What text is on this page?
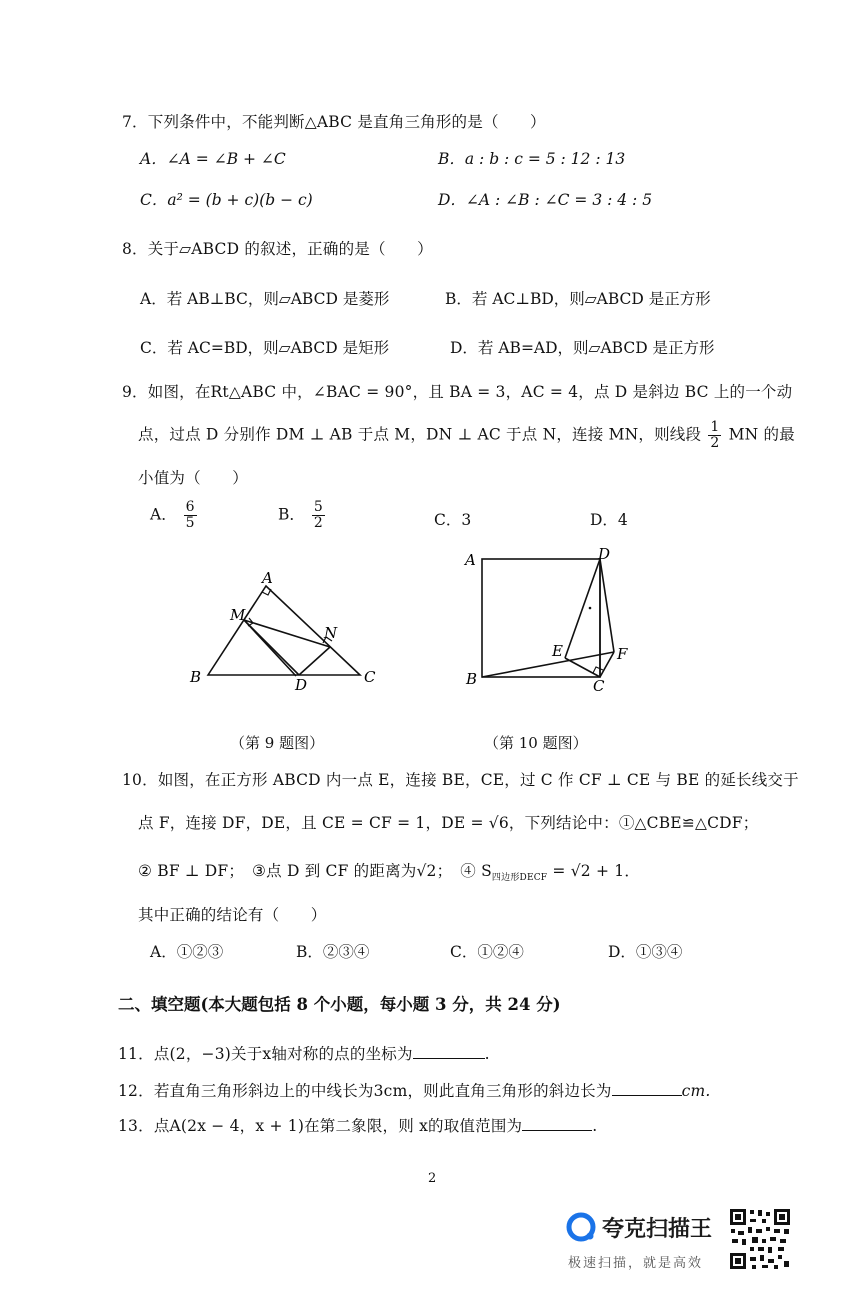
7．下列条件中，不能判断△ABC 是直角三角形的是（　　）
A．∠A = ∠B + ∠C	B．a : b : c = 5 : 12 : 13
C．a² = (b + c)(b − c)	D．∠A : ∠B : ∠C = 3 : 4 : 5
8．关于▱ABCD 的叙述，正确的是（　　）
A．若 AB⊥BC，则▱ABCD 是菱形	B．若 AC⊥BD，则▱ABCD 是正方形
C．若 AC=BD，则▱ABCD 是矩形	D．若 AB=AD，则▱ABCD 是正方形
9．如图，在Rt△ABC 中，∠BAC = 90°，且 BA = 3，AC = 4，点 D 是斜边 BC 上的一个动
点，过点 D 分别作 DM ⊥ AB 于点 M，DN ⊥ AC 于点 N，连接 MN，则线段 $\frac{1}{2}$ MN 的最
小值为（　　）
A． $\frac{6}{5}$	B． $\frac{5}{2}$	C．3	D．4
A
B	C
M
N
D
A	D
B	C
E	F
（第 9 题图）	（第 10 题图）
10．如图，在正方形 ABCD 内一点 E，连接 BE，CE，过 C 作 CF ⊥ CE 与 BE 的延长线交于
点 F，连接 DF，DE，且 CE = CF = 1，DE = √6，下列结论中：①△CBE≌△CDF；
② BF ⊥ DF；　③点 D 到 CF 的距离为√2；　④ $S_{四边形DECF} = √2 + 1$．
其中正确的结论有（　　）
A．①②③	B．②③④	C．①②④	D．①③④
二、填空题(本大题包括 8 个小题，每小题 3 分，共 24 分)
11．点(2，−3)关于x轴对称的点的坐标为	.
12．若直角三角形斜边上的中线长为3cm，则此直角三角形的斜边长为	cm.
13．点A(2x − 4，x + 1)在第二象限，则 x的取值范围为	.
2
夸克扫描王
极速扫描，就是高效
